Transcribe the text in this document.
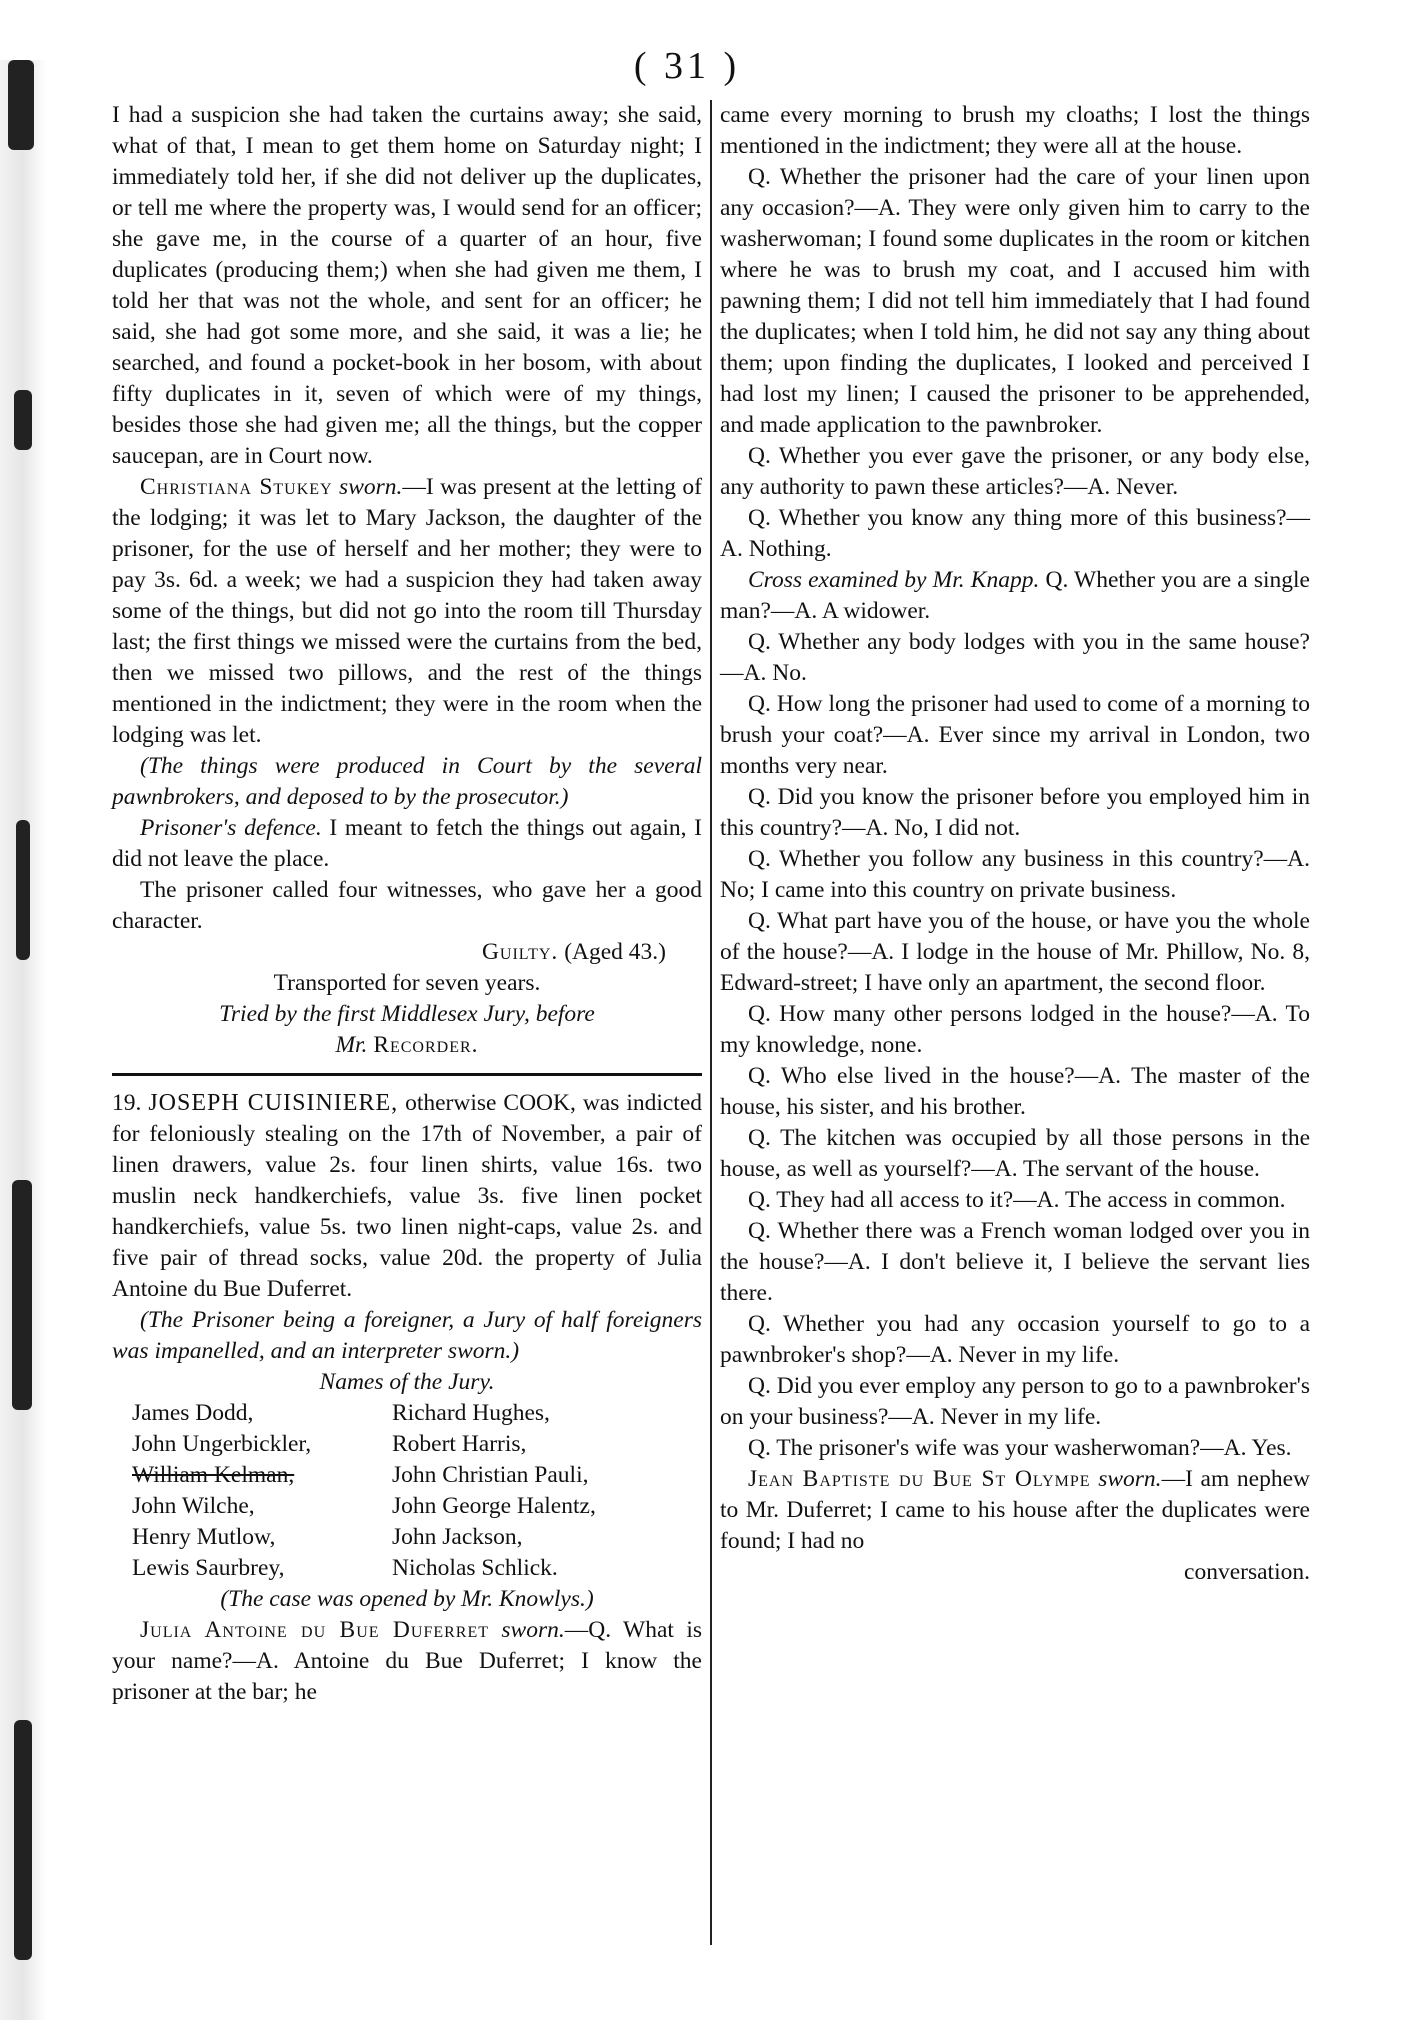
( 31 )

I had a suspicion she had taken the curtains away; she said, what of that, I mean to get them home on Saturday night; I immediately told her, if she did not deliver up the duplicates, or tell me where the property was, I would send for an officer; she gave me, in the course of a quarter of an hour, five duplicates (producing them;) when she had given me them, I told her that was not the whole, and sent for an officer; he said, she had got some more, and she said, it was a lie; he searched, and found a pocket-book in her bosom, with about fifty duplicates in it, seven of which were of my things, besides those she had given me; all the things, but the copper saucepan, are in Court now.

Christiana Stukey sworn.—I was present at the letting of the lodging; it was let to Mary Jackson, the daughter of the prisoner, for the use of herself and her mother; they were to pay 3s. 6d. a week; we had a suspicion they had taken away some of the things, but did not go into the room till Thursday last; the first things we missed were the curtains from the bed, then we missed two pillows, and the rest of the things mentioned in the indictment; they were in the room when the lodging was let.

(The things were produced in Court by the several pawnbrokers, and deposed to by the prosecutor.)

Prisoner's defence. I meant to fetch the things out again, I did not leave the place.

The prisoner called four witnesses, who gave her a good character.

Guilty. (Aged 43.)

Transported for seven years.

Tried by the first Middlesex Jury, before

Mr. Recorder.

19. JOSEPH CUISINIERE, otherwise COOK, was indicted for feloniously stealing on the 17th of November, a pair of linen drawers, value 2s. four linen shirts, value 16s. two muslin neck handkerchiefs, value 3s. five linen pocket handkerchiefs, value 5s. two linen night-caps, value 2s. and five pair of thread socks, value 20d. the property of Julia Antoine du Bue Duferret.

(The Prisoner being a foreigner, a Jury of half foreigners was impanelled, and an interpreter sworn.)

Names of the Jury.

James Dodd,	Richard Hughes,
John Ungerbickler,	Robert Harris,
William Kelman,	John Christian Pauli,
John Wilche,	John George Halentz,
Henry Mutlow,	John Jackson,
Lewis Saurbrey,	Nicholas Schlick.

(The case was opened by Mr. Knowlys.)

Julia Antoine du Bue Duferret sworn.—Q. What is your name?—A. Antoine du Bue Duferret; I know the prisoner at the bar; he

came every morning to brush my cloaths; I lost the things mentioned in the indictment; they were all at the house.

Q. Whether the prisoner had the care of your linen upon any occasion?—A. They were only given him to carry to the washerwoman; I found some duplicates in the room or kitchen where he was to brush my coat, and I accused him with pawning them; I did not tell him immediately that I had found the duplicates; when I told him, he did not say any thing about them; upon finding the duplicates, I looked and perceived I had lost my linen; I caused the prisoner to be apprehended, and made application to the pawnbroker.

Q. Whether you ever gave the prisoner, or any body else, any authority to pawn these articles?—A. Never.

Q. Whether you know any thing more of this business?—A. Nothing.

Cross examined by Mr. Knapp. Q. Whether you are a single man?—A. A widower.

Q. Whether any body lodges with you in the same house?—A. No.

Q. How long the prisoner had used to come of a morning to brush your coat?—A. Ever since my arrival in London, two months very near.

Q. Did you know the prisoner before you employed him in this country?—A. No, I did not.

Q. Whether you follow any business in this country?—A. No; I came into this country on private business.

Q. What part have you of the house, or have you the whole of the house?—A. I lodge in the house of Mr. Phillow, No. 8, Edward-street; I have only an apartment, the second floor.

Q. How many other persons lodged in the house?—A. To my knowledge, none.

Q. Who else lived in the house?—A. The master of the house, his sister, and his brother.

Q. The kitchen was occupied by all those persons in the house, as well as yourself?—A. The servant of the house.

Q. They had all access to it?—A. The access in common.

Q. Whether there was a French woman lodged over you in the house?—A. I don't believe it, I believe the servant lies there.

Q. Whether you had any occasion yourself to go to a pawnbroker's shop?—A. Never in my life.

Q. Did you ever employ any person to go to a pawnbroker's on your business?—A. Never in my life.

Q. The prisoner's wife was your washerwoman?—A. Yes.

Jean Baptiste du Bue St Olympe sworn.—I am nephew to Mr. Duferret; I came to his house after the duplicates were found; I had no

conversation.
